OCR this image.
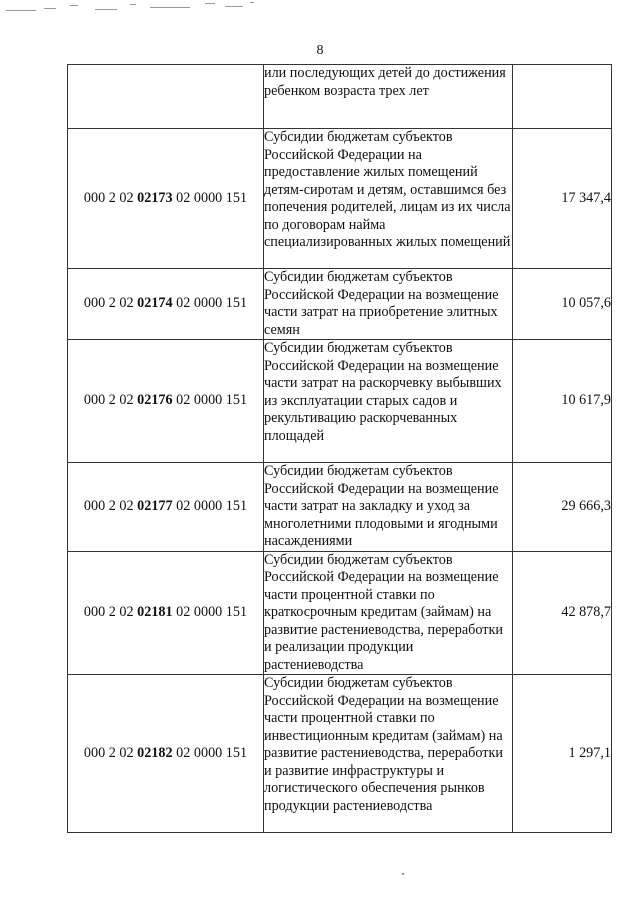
8
	или последующих детей до достижения ребенком возраста трех лет	
000 2 02 02173 02 0000 151	Субсидии бюджетам субъектов Российской Федерации на предоставление жилых помещений детям-сиротам и детям, оставшимся без попечения родителей, лицам из их числа по договорам найма специализированных жилых помещений	17 347,4
000 2 02 02174 02 0000 151	Субсидии бюджетам субъектов Российской Федерации на возмещение части затрат на приобретение элитных семян	10 057,6
000 2 02 02176 02 0000 151	Субсидии бюджетам субъектов Российской Федерации на возмещение части затрат на раскорчевку выбывших из эксплуатации старых садов и рекультивацию раскорчеванных площадей	10 617,9
000 2 02 02177 02 0000 151	Субсидии бюджетам субъектов Российской Федерации на возмещение части затрат на закладку и уход за многолетними плодовыми и ягодными насаждениями	29 666,3
000 2 02 02181 02 0000 151	Субсидии бюджетам субъектов Российской Федерации на возмещение части процентной ставки по краткосрочным кредитам (займам) на развитие растениеводства, переработки и реализации продукции растениеводства	42 878,7
000 2 02 02182 02 0000 151	Субсидии бюджетам субъектов Российской Федерации на возмещение части процентной ставки по инвестиционным кредитам (займам) на развитие растениеводства, переработки и развитие инфраструктуры и логистического обеспечения рынков продукции растениеводства	1 297,1
